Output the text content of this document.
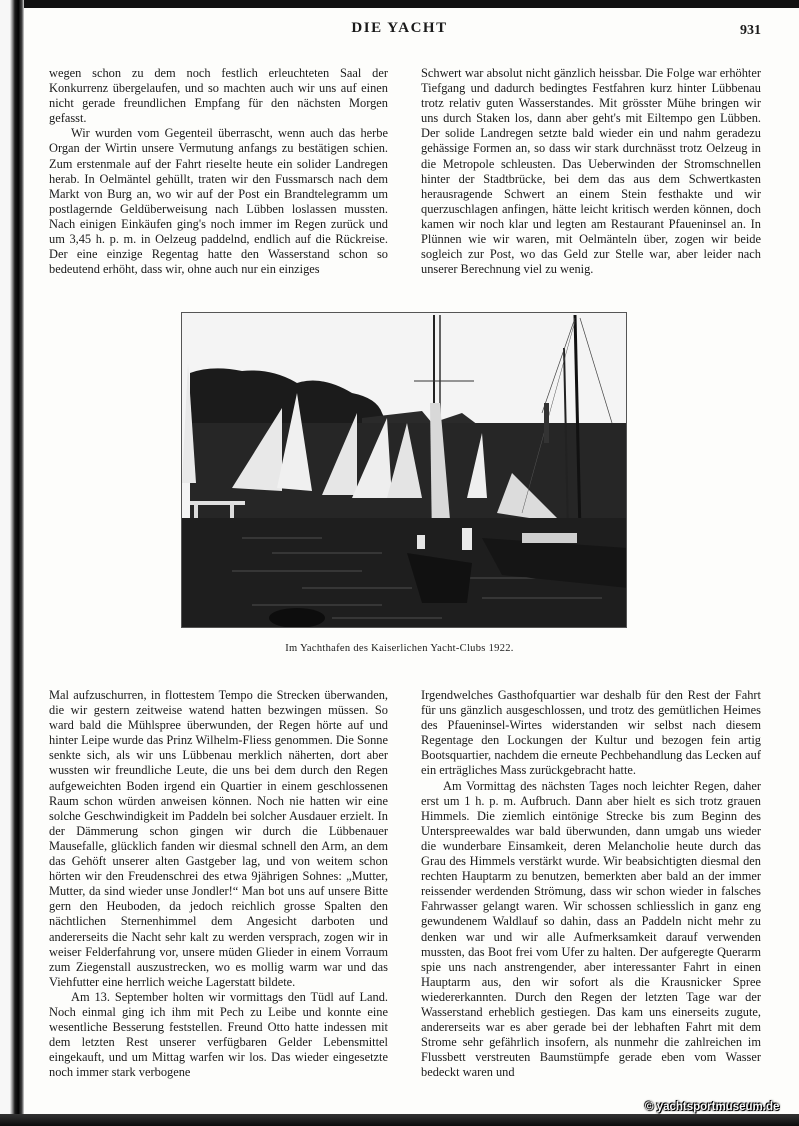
DIE YACHT	931

wegen schon zu dem noch festlich erleuchteten Saal der Konkurrenz übergelaufen, und so machten auch wir uns auf einen nicht gerade freundlichen Empfang für den nächsten Morgen gefasst.

Wir wurden vom Gegenteil überrascht, wenn auch das herbe Organ der Wirtin unsere Vermutung anfangs zu bestätigen schien. Zum erstenmale auf der Fahrt rieselte heute ein solider Landregen herab. In Oelmäntel gehüllt, traten wir den Fussmarsch nach dem Markt von Burg an, wo wir auf der Post ein Brandtelegramm um postlagernde Geldüberweisung nach Lübben loslassen mussten. Nach einigen Einkäufen ging's noch immer im Regen zurück und um 3,45 h. p. m. in Oelzeug paddelnd, endlich auf die Rückreise. Der eine einzige Regentag hatte den Wasserstand schon so bedeutend erhöht, dass wir, ohne auch nur ein einziges

Schwert war absolut nicht gänzlich heissbar. Die Folge war erhöhter Tiefgang und dadurch bedingtes Festfahren kurz hinter Lübbenau trotz relativ guten Wasserstandes. Mit grösster Mühe bringen wir uns durch Staken los, dann aber geht's mit Eiltempo gen Lübben. Der solide Landregen setzte bald wieder ein und nahm geradezu gehässige Formen an, so dass wir stark durchnässt trotz Oelzeug in die Metropole schleusten. Das Ueberwinden der Stromschnellen hinter der Stadtbrücke, bei dem das aus dem Schwertkasten herausragende Schwert an einem Stein festhakte und wir querzuschlagen anfingen, hätte leicht kritisch werden können, doch kamen wir noch klar und legten am Restaurant Pfaueninsel an. In Plünnen wie wir waren, mit Oelmänteln über, zogen wir beide sogleich zur Post, wo das Geld zur Stelle war, aber leider nach unserer Berechnung viel zu wenig.

Im Yachthafen des Kaiserlichen Yacht-Clubs 1922.

Mal aufzuschurren, in flottestem Tempo die Strecken überwanden, die wir gestern zeitweise watend hatten bezwingen müssen. So ward bald die Mühlspree überwunden, der Regen hörte auf und hinter Leipe wurde das Prinz Wilhelm-Fliess genommen. Die Sonne senkte sich, als wir uns Lübbenau merklich näherten, dort aber wussten wir freundliche Leute, die uns bei dem durch den Regen aufgeweichten Boden irgend ein Quartier in einem geschlossenen Raum schon würden anweisen können. Noch nie hatten wir eine solche Geschwindigkeit im Paddeln bei solcher Ausdauer erzielt. In der Dämmerung schon gingen wir durch die Lübbenauer Mausefalle, glücklich fanden wir diesmal schnell den Arm, an dem das Gehöft unserer alten Gastgeber lag, und von weitem schon hörten wir den Freudenschrei des etwa 9jährigen Sohnes: „Mutter, Mutter, da sind wieder unse Jondler!“ Man bot uns auf unsere Bitte gern den Heuboden, da jedoch reichlich grosse Spalten den nächtlichen Sternenhimmel dem Angesicht darboten und andererseits die Nacht sehr kalt zu werden versprach, zogen wir in weiser Felderfahrung vor, unsere müden Glieder in einem Vorraum zum Ziegenstall auszustrecken, wo es mollig warm war und das Viehfutter eine herrlich weiche Lagerstatt bildete.

Am 13. September holten wir vormittags den Tüdl auf Land. Noch einmal ging ich ihm mit Pech zu Leibe und konnte eine wesentliche Besserung feststellen. Freund Otto hatte indessen mit dem letzten Rest unserer verfügbaren Gelder Lebensmittel eingekauft, und um Mittag warfen wir los. Das wieder eingesetzte noch immer stark verbogene

Irgendwelches Gasthofquartier war deshalb für den Rest der Fahrt für uns gänzlich ausgeschlossen, und trotz des gemütlichen Heimes des Pfaueninsel-Wirtes widerstanden wir selbst nach diesem Regentage den Lockungen der Kultur und bezogen fein artig Bootsquartier, nachdem die erneute Pechbehandlung das Lecken auf ein erträgliches Mass zurückgebracht hatte.

Am Vormittag des nächsten Tages noch leichter Regen, daher erst um 1 h. p. m. Aufbruch. Dann aber hielt es sich trotz grauen Himmels. Die ziemlich eintönige Strecke bis zum Beginn des Unterspreewaldes war bald überwunden, dann umgab uns wieder die wunderbare Einsamkeit, deren Melancholie heute durch das Grau des Himmels verstärkt wurde. Wir beabsichtigten diesmal den rechten Hauptarm zu benutzen, bemerkten aber bald an der immer reissender werdenden Strömung, dass wir schon wieder in falsches Fahrwasser gelangt waren. Wir schossen schliesslich in ganz eng gewundenem Waldlauf so dahin, dass an Paddeln nicht mehr zu denken war und wir alle Aufmerksamkeit darauf verwenden mussten, das Boot frei vom Ufer zu halten. Der aufgeregte Querarm spie uns nach anstrengender, aber interessanter Fahrt in einen Hauptarm aus, den wir sofort als die Krausnicker Spree wiedererkannten. Durch den Regen der letzten Tage war der Wasserstand erheblich gestiegen. Das kam uns einerseits zugute, andererseits war es aber gerade bei der lebhaften Fahrt mit dem Strome sehr gefährlich insofern, als nunmehr die zahlreichen im Flussbett verstreuten Baumstümpfe gerade eben vom Wasser bedeckt waren und

© yachtsportmuseum.de
